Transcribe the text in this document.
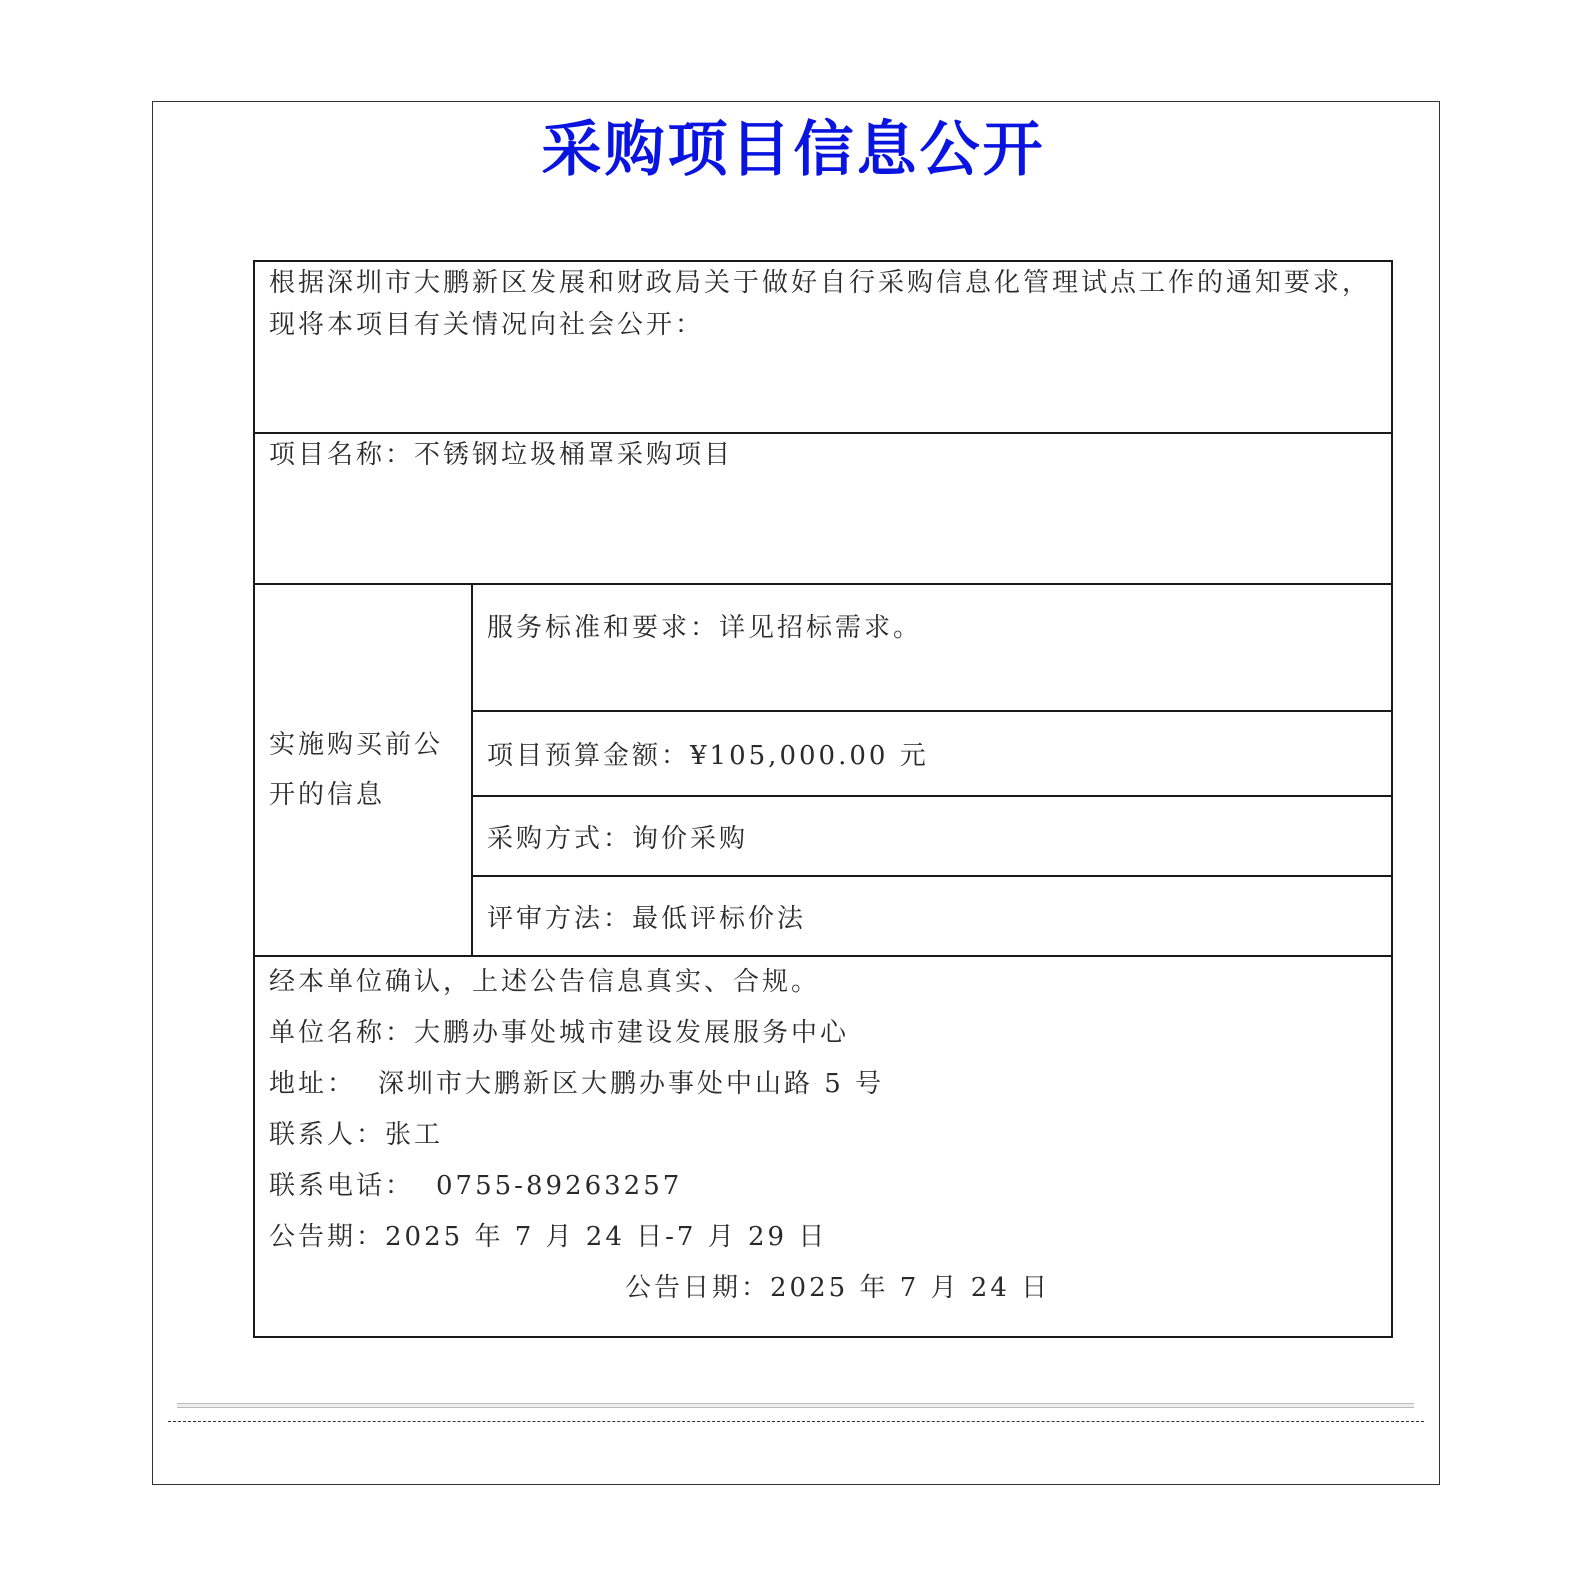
采购项目信息公开
根据深圳市大鹏新区发展和财政局关于做好自行采购信息化管理试点工作的通知要求，现将本项目有关情况向社会公开：
项目名称：不锈钢垃圾桶罩采购项目
实施购买前公开的信息	服务标准和要求：详见招标需求。
项目预算金额：¥105,000.00 元
采购方式：询价采购
评审方法：最低评标价法

经本单位确认，上述公告信息真实、合规。
单位名称：大鹏办事处城市建设发展服务中心
地址： 深圳市大鹏新区大鹏办事处中山路 5 号
联系人：张工
联系电话： 0755-89263257
公告期：2025 年 7 月 24 日-7 月 29 日
公告日期：2025 年 7 月 24 日
